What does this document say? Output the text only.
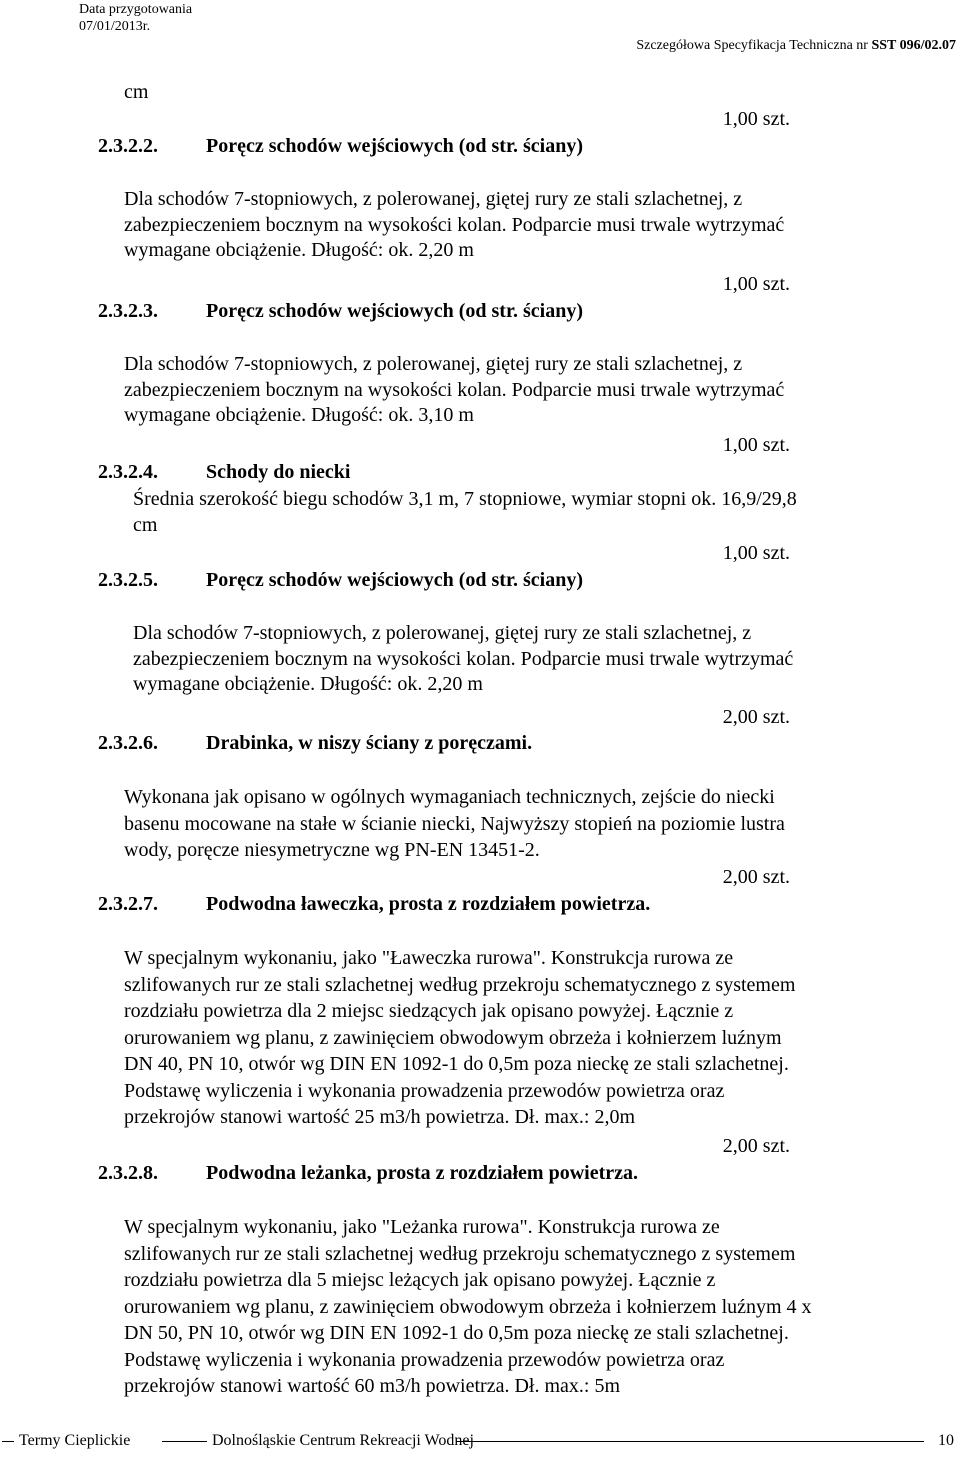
Data przygotowania
07/01/2013r.
Szczegółowa Specyfikacja Techniczna nr SST 096/02.07
cm
1,00 szt.
2.3.2.2. Poręcz schodów wejściowych (od str. ściany)
Dla schodów 7-stopniowych, z polerowanej, giętej rury ze stali szlachetnej, z
zabezpieczeniem bocznym na wysokości kolan. Podparcie musi trwale wytrzymać
wymagane obciążenie. Długość: ok. 2,20 m
1,00 szt.
2.3.2.3. Poręcz schodów wejściowych (od str. ściany)
Dla schodów 7-stopniowych, z polerowanej, giętej rury ze stali szlachetnej, z
zabezpieczeniem bocznym na wysokości kolan. Podparcie musi trwale wytrzymać
wymagane obciążenie. Długość: ok. 3,10 m
1,00 szt.
2.3.2.4. Schody do niecki
Średnia szerokość biegu schodów 3,1 m, 7 stopniowe, wymiar stopni ok. 16,9/29,8
cm
1,00 szt.
2.3.2.5. Poręcz schodów wejściowych (od str. ściany)
Dla schodów 7-stopniowych, z polerowanej, giętej rury ze stali szlachetnej, z
zabezpieczeniem bocznym na wysokości kolan. Podparcie musi trwale wytrzymać
wymagane obciążenie. Długość: ok. 2,20 m
2,00 szt.
2.3.2.6. Drabinka, w niszy ściany z poręczami.
Wykonana jak opisano w ogólnych wymaganiach technicznych, zejście do niecki
basenu mocowane na stałe w ścianie niecki, Najwyższy stopień na poziomie lustra
wody, poręcze niesymetryczne wg PN-EN 13451-2.
2,00 szt.
2.3.2.7. Podwodna ławeczka, prosta z rozdziałem powietrza.
W specjalnym wykonaniu, jako "Ławeczka rurowa". Konstrukcja rurowa ze
szlifowanych rur ze stali szlachetnej według przekroju schematycznego z systemem
rozdziału powietrza dla 2 miejsc siedzących jak opisano powyżej. Łącznie z
orurowaniem wg planu, z zawinięciem obwodowym obrzeża i kołnierzem luźnym
DN 40, PN 10, otwór wg DIN EN 1092-1 do 0,5m poza nieckę ze stali szlachetnej.
Podstawę wyliczenia i wykonania prowadzenia przewodów powietrza oraz
przekrojów stanowi wartość 25 m3/h powietrza. Dł. max.: 2,0m
2,00 szt.
2.3.2.8. Podwodna leżanka, prosta z rozdziałem powietrza.
W specjalnym wykonaniu, jako "Leżanka rurowa". Konstrukcja rurowa ze
szlifowanych rur ze stali szlachetnej według przekroju schematycznego z systemem
rozdziału powietrza dla 5 miejsc leżących jak opisano powyżej. Łącznie z
orurowaniem wg planu, z zawinięciem obwodowym obrzeża i kołnierzem luźnym 4 x
DN 50, PN 10, otwór wg DIN EN 1092-1 do 0,5m poza nieckę ze stali szlachetnej.
Podstawę wyliczenia i wykonania prowadzenia przewodów powietrza oraz
przekrojów stanowi wartość 60 m3/h powietrza. Dł. max.: 5m
Termy Cieplickie	Dolnośląskie Centrum Rekreacji Wodnej	10
